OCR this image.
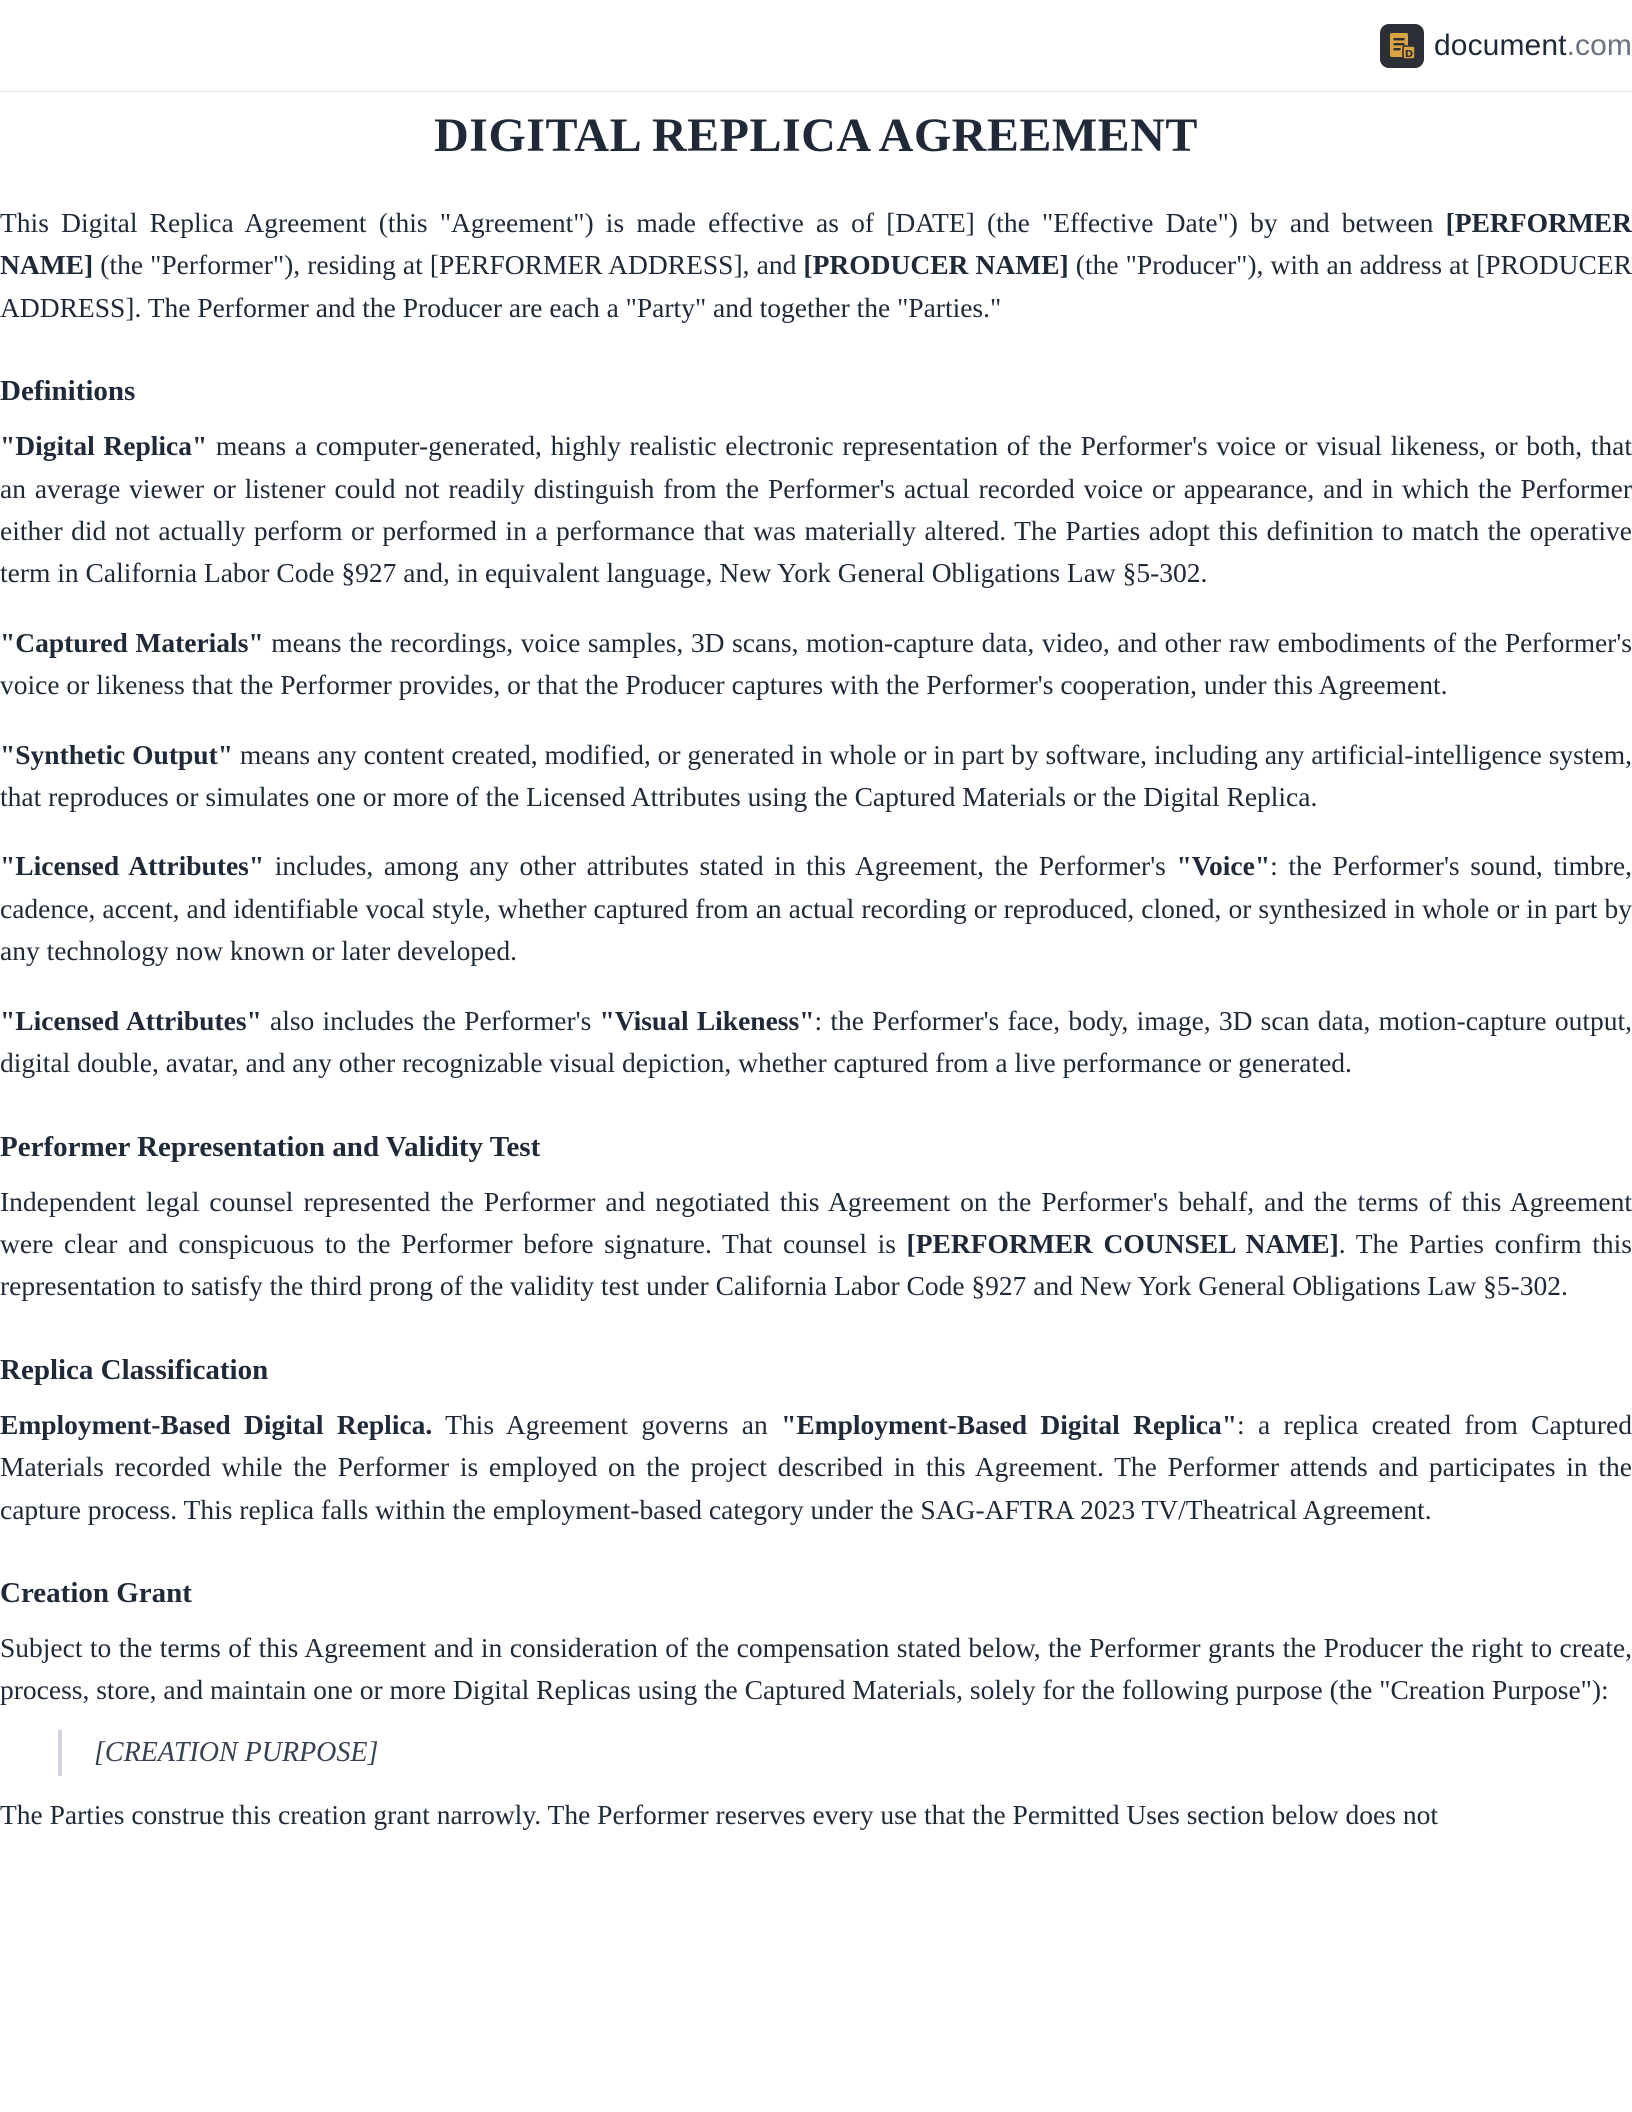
D document.com
DIGITAL REPLICA AGREEMENT

This Digital Replica Agreement (this "Agreement") is made effective as of [DATE] (the "Effective Date") by and between [PERFORMER NAME] (the "Performer"), residing at [PERFORMER ADDRESS], and [PRODUCER NAME] (the "Producer"), with an address at [PRODUCER ADDRESS]. The Performer and the Producer are each a "Party" and together the "Parties."

Definitions

"Digital Replica" means a computer-generated, highly realistic electronic representation of the Performer's voice or visual likeness, or both, that an average viewer or listener could not readily distinguish from the Performer's actual recorded voice or appearance, and in which the Performer either did not actually perform or performed in a performance that was materially altered. The Parties adopt this definition to match the operative term in California Labor Code §927 and, in equivalent language, New York General Obligations Law §5-302.

"Captured Materials" means the recordings, voice samples, 3D scans, motion-capture data, video, and other raw embodiments of the Performer's voice or likeness that the Performer provides, or that the Producer captures with the Performer's cooperation, under this Agreement.

"Synthetic Output" means any content created, modified, or generated in whole or in part by software, including any artificial-intelligence system, that reproduces or simulates one or more of the Licensed Attributes using the Captured Materials or the Digital Replica.

"Licensed Attributes" includes, among any other attributes stated in this Agreement, the Performer's "Voice": the Performer's sound, timbre, cadence, accent, and identifiable vocal style, whether captured from an actual recording or reproduced, cloned, or synthesized in whole or in part by any technology now known or later developed.

"Licensed Attributes" also includes the Performer's "Visual Likeness": the Performer's face, body, image, 3D scan data, motion-capture output, digital double, avatar, and any other recognizable visual depiction, whether captured from a live performance or generated.

Performer Representation and Validity Test

Independent legal counsel represented the Performer and negotiated this Agreement on the Performer's behalf, and the terms of this Agreement were clear and conspicuous to the Performer before signature. That counsel is [PERFORMER COUNSEL NAME]. The Parties confirm this representation to satisfy the third prong of the validity test under California Labor Code §927 and New York General Obligations Law §5-302.

Replica Classification

Employment-Based Digital Replica. This Agreement governs an "Employment-Based Digital Replica": a replica created from Captured Materials recorded while the Performer is employed on the project described in this Agreement. The Performer attends and participates in the capture process. This replica falls within the employment-based category under the SAG-AFTRA 2023 TV/Theatrical Agreement.

Creation Grant

Subject to the terms of this Agreement and in consideration of the compensation stated below, the Performer grants the Producer the right to create, process, store, and maintain one or more Digital Replicas using the Captured Materials, solely for the following purpose (the "Creation Purpose"):

[CREATION PURPOSE]

The Parties construe this creation grant narrowly. The Performer reserves every use that the Permitted Uses section below does not
